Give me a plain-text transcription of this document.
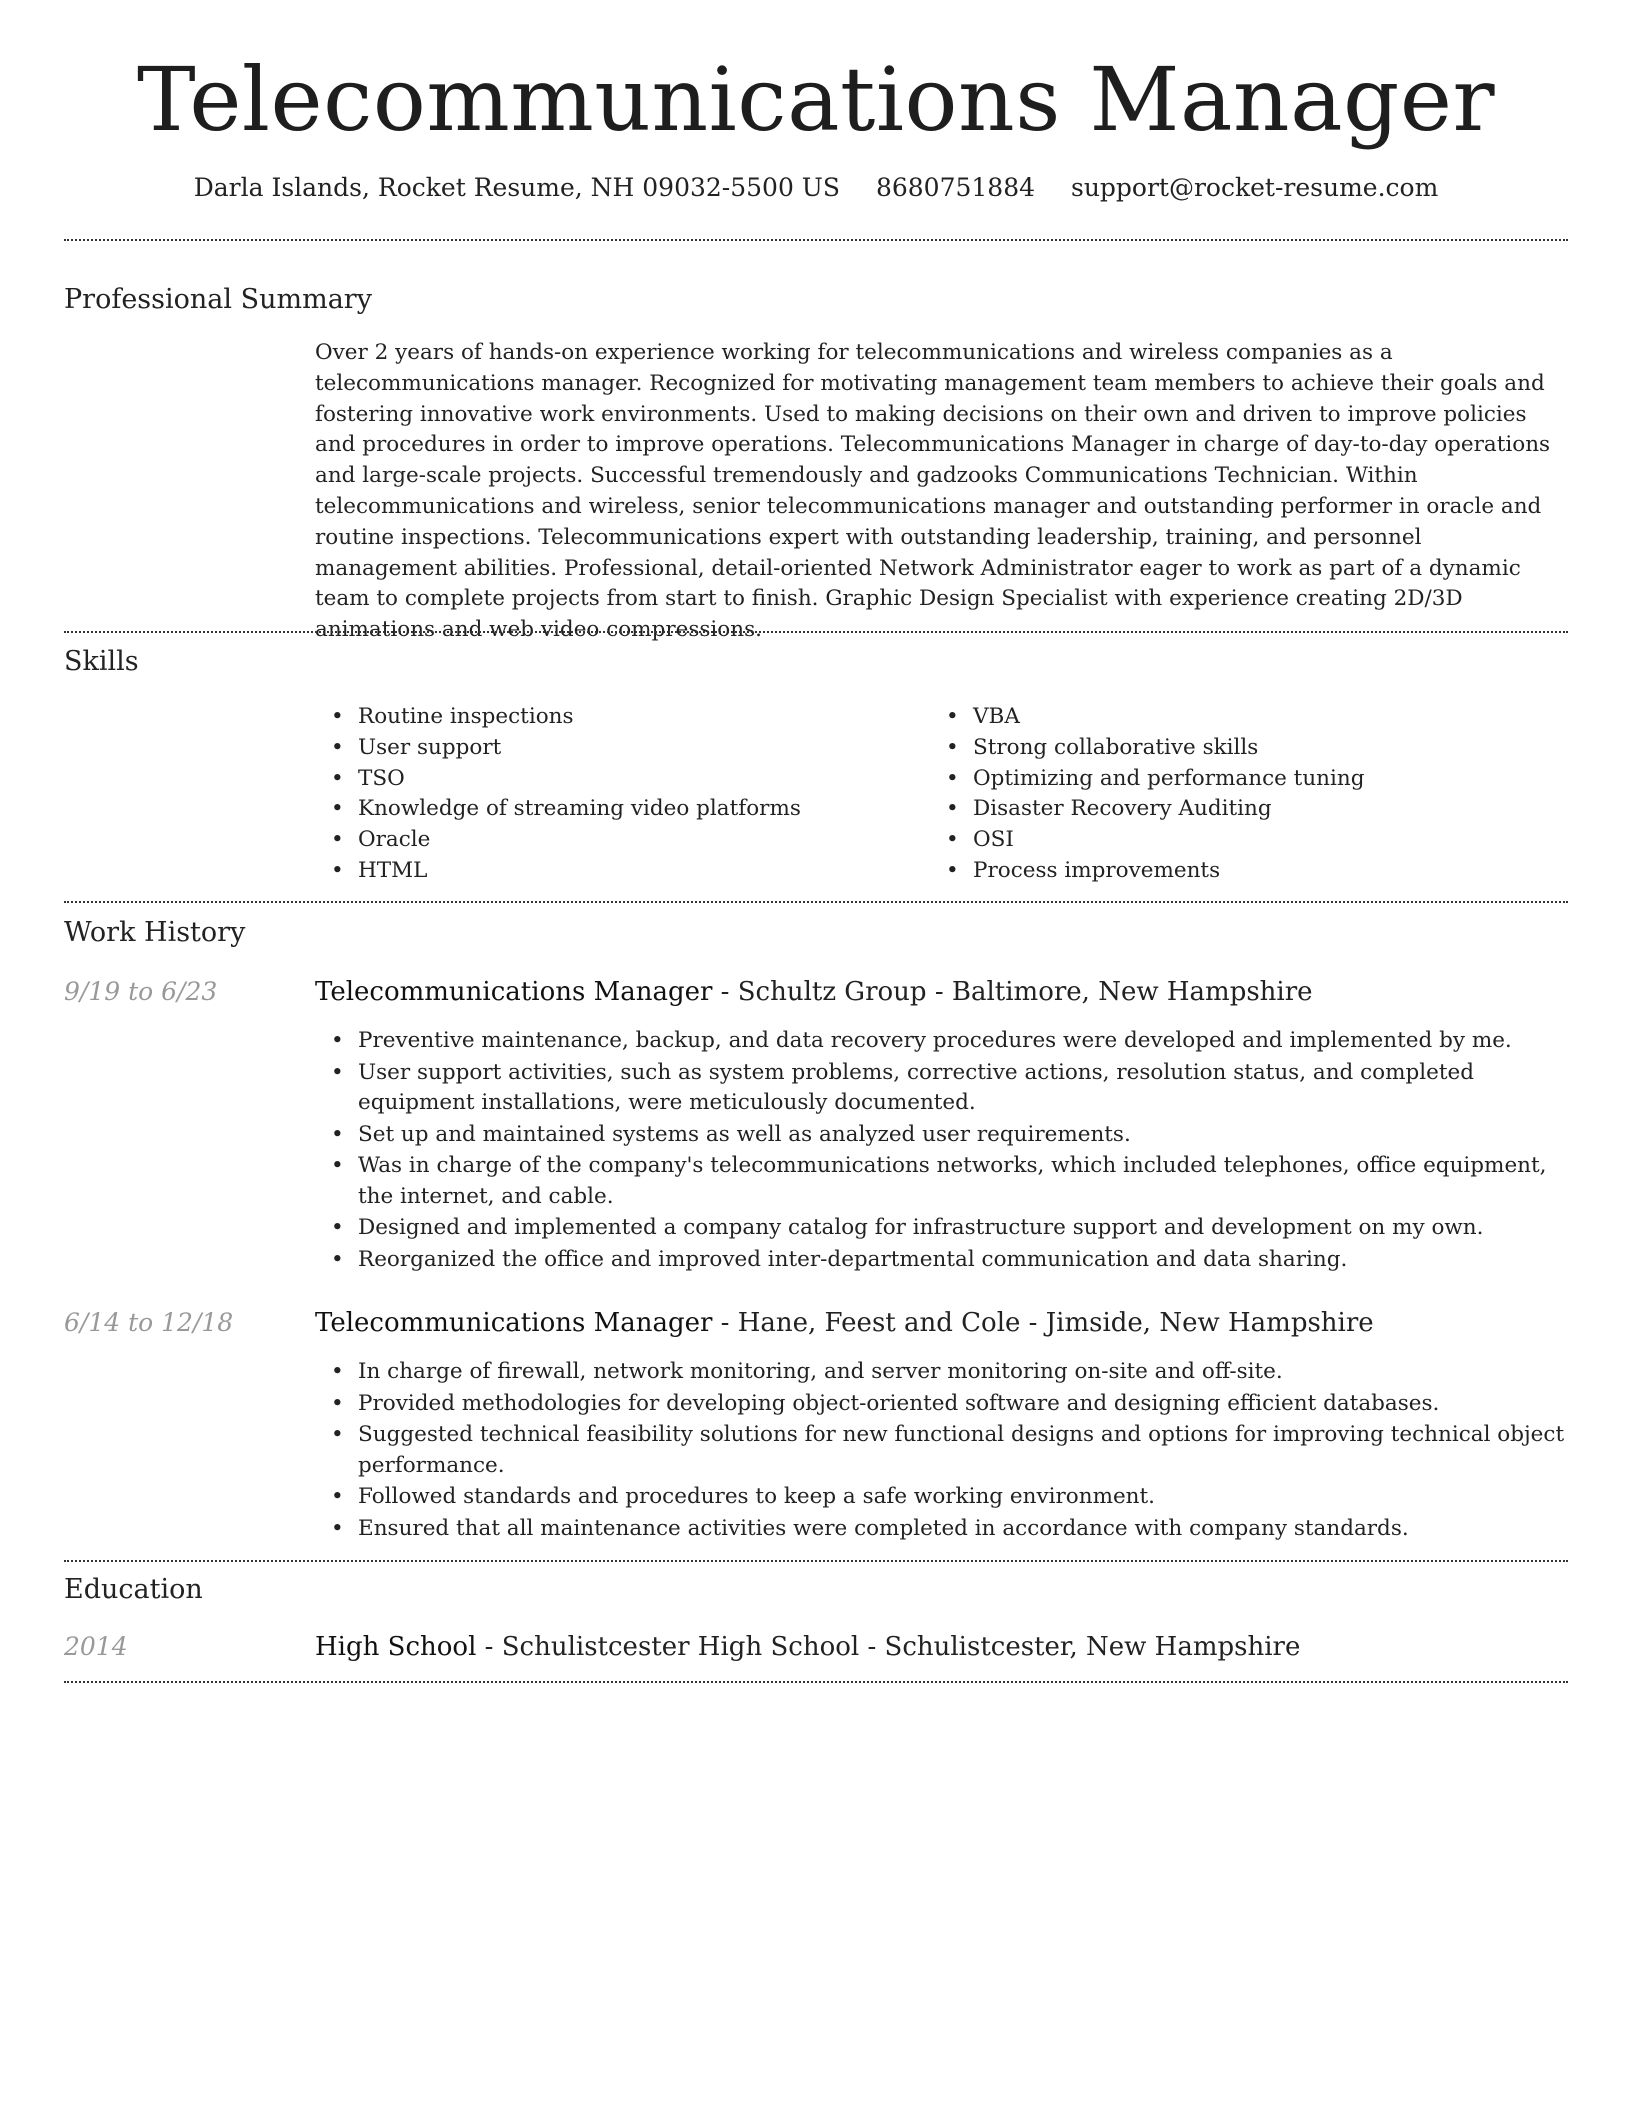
Telecommunications Manager
Darla Islands, Rocket Resume, NH 09032-5500 US 8680751884 support@rocket-resume.com
Professional Summary
Over 2 years of hands-on experience working for telecommunications and wireless companies as a telecommunications manager. Recognized for motivating management team members to achieve their goals and fostering innovative work environments. Used to making decisions on their own and driven to improve policies and procedures in order to improve operations. Telecommunications Manager in charge of day-to-day operations and large-scale projects. Successful tremendously and gadzooks Communications Technician. Within telecommunications and wireless, senior telecommunications manager and outstanding performer in oracle and routine inspections. Telecommunications expert with outstanding leadership, training, and personnel management abilities. Professional, detail-oriented Network Administrator eager to work as part of a dynamic team to complete projects from start to finish. Graphic Design Specialist with experience creating 2D/3D animations and web video compressions.
Skills
• Routine inspections
• User support
• TSO
• Knowledge of streaming video platforms
• Oracle
• HTML
• VBA
• Strong collaborative skills
• Optimizing and performance tuning
• Disaster Recovery Auditing
• OSI
• Process improvements
Work History
9/19 to 6/23	Telecommunications Manager - Schultz Group - Baltimore, New Hampshire
• Preventive maintenance, backup, and data recovery procedures were developed and implemented by me.
• User support activities, such as system problems, corrective actions, resolution status, and completed equipment installations, were meticulously documented.
• Set up and maintained systems as well as analyzed user requirements.
• Was in charge of the company's telecommunications networks, which included telephones, office equipment, the internet, and cable.
• Designed and implemented a company catalog for infrastructure support and development on my own.
• Reorganized the office and improved inter-departmental communication and data sharing.
6/14 to 12/18	Telecommunications Manager - Hane, Feest and Cole - Jimside, New Hampshire
• In charge of firewall, network monitoring, and server monitoring on-site and off-site.
• Provided methodologies for developing object-oriented software and designing efficient databases.
• Suggested technical feasibility solutions for new functional designs and options for improving technical object performance.
• Followed standards and procedures to keep a safe working environment.
• Ensured that all maintenance activities were completed in accordance with company standards.
Education
2014	High School - Schulistcester High School - Schulistcester, New Hampshire
